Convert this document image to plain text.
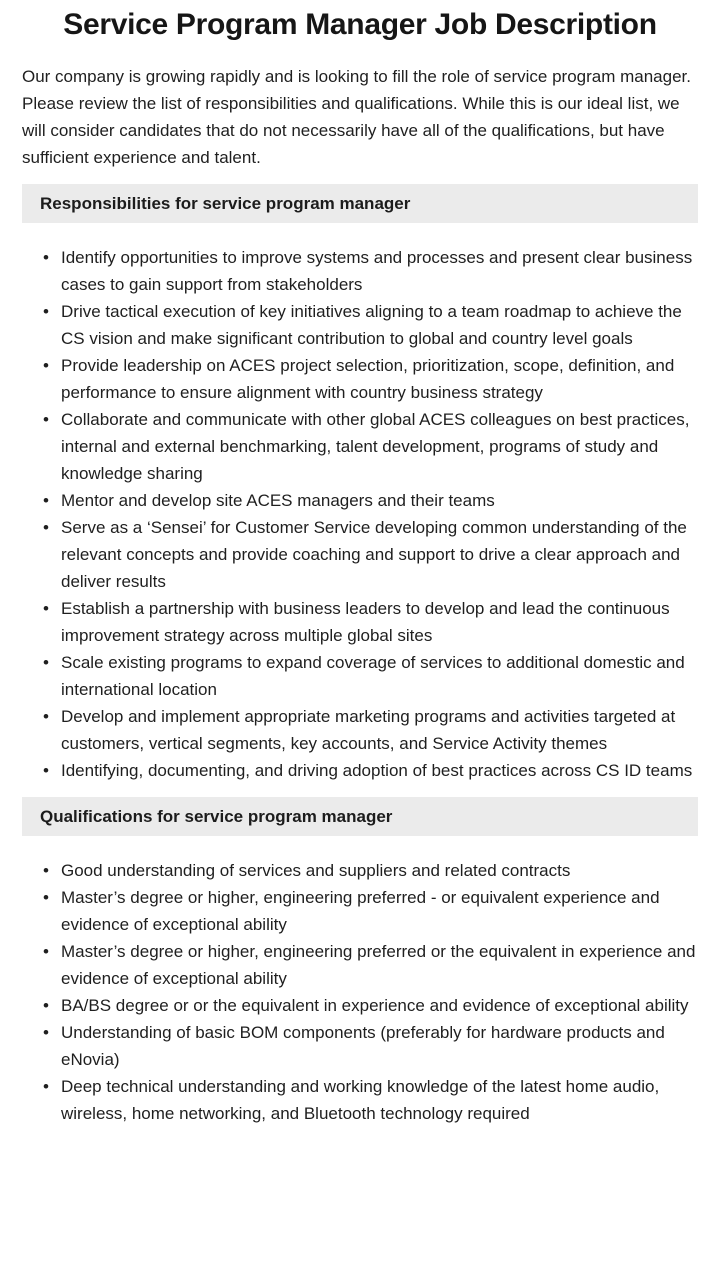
Service Program Manager Job Description

Our company is growing rapidly and is looking to fill the role of service program manager. Please review the list of responsibilities and qualifications. While this is our ideal list, we will consider candidates that do not necessarily have all of the qualifications, but have sufficient experience and talent.

Responsibilities for service program manager
• Identify opportunities to improve systems and processes and present clear business cases to gain support from stakeholders
• Drive tactical execution of key initiatives aligning to a team roadmap to achieve the CS vision and make significant contribution to global and country level goals
• Provide leadership on ACES project selection, prioritization, scope, definition, and performance to ensure alignment with country business strategy
• Collaborate and communicate with other global ACES colleagues on best practices, internal and external benchmarking, talent development, programs of study and knowledge sharing
• Mentor and develop site ACES managers and their teams
• Serve as a ‘Sensei’ for Customer Service developing common understanding of the relevant concepts and provide coaching and support to drive a clear approach and deliver results
• Establish a partnership with business leaders to develop and lead the continuous improvement strategy across multiple global sites
• Scale existing programs to expand coverage of services to additional domestic and international location
• Develop and implement appropriate marketing programs and activities targeted at customers, vertical segments, key accounts, and Service Activity themes
• Identifying, documenting, and driving adoption of best practices across CS ID teams
Qualifications for service program manager
• Good understanding of services and suppliers and related contracts
• Master’s degree or higher, engineering preferred - or equivalent experience and evidence of exceptional ability
• Master’s degree or higher, engineering preferred or the equivalent in experience and evidence of exceptional ability
• BA/BS degree or or the equivalent in experience and evidence of exceptional ability
• Understanding of basic BOM components (preferably for hardware products and eNovia)
• Deep technical understanding and working knowledge of the latest home audio, wireless, home networking, and Bluetooth technology required
